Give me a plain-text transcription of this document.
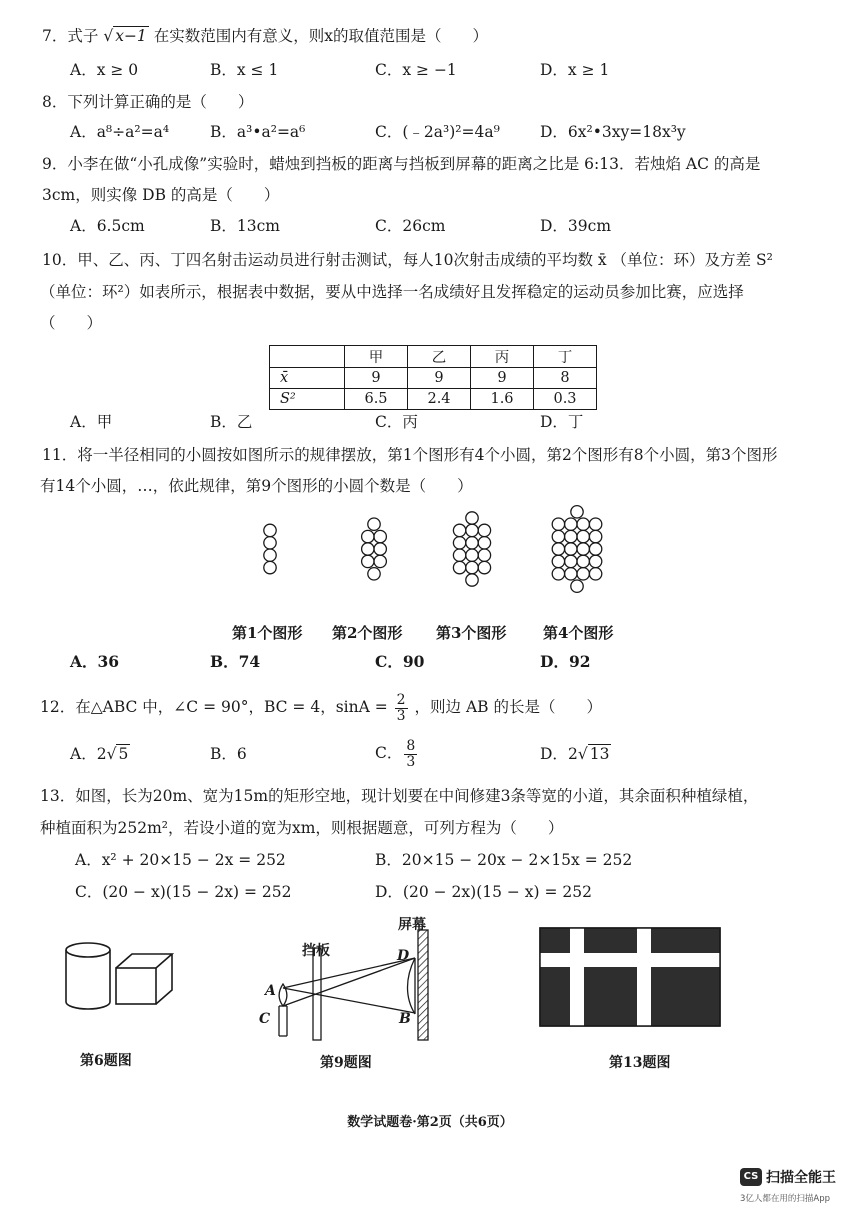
7．式子 √ x−1 在实数范围内有意义，则x的取值范围是（　　）
A．x ≥ 0	B．x ≤ 1	C．x ≥ −1	D．x ≥ 1
8．下列计算正确的是（　　）
A．a⁸÷a²=a⁴	B．a³•a²=a⁶	C．(﹣2a³)²=4a⁹	D．6x²•3xy=18x³y
9．小李在做“小孔成像”实验时，蜡烛到挡板的距离与挡板到屏幕的距离之比是 6:13．若烛焰 AC 的高是
3cm，则实像 DB 的高是（　　）
A．6.5cm	B．13cm	C．26cm	D．39cm
10．甲、乙、丙、丁四名射击运动员进行射击测试，每人10次射击成绩的平均数 x̄ （单位：环）及方差 S²
（单位：环²）如表所示，根据表中数据，要从中选择一名成绩好且发挥稳定的运动员参加比赛，应选择
（　　）
	甲	乙	丙	丁
x̄	9	9	9	8
S²	6.5	2.4	1.6	0.3
A．甲	B．乙	C．丙	D．丁
11．将一半径相同的小圆按如图所示的规律摆放，第1个图形有4个小圆，第2个图形有8个小圆，第3个图形
有14个小圆，…，依此规律，第9个图形的小圆个数是（　　）
第1个图形 第2个图形 第3个图形 第4个图形
A．36	B．74	C．90	D．92
12．在△ABC 中，∠C = 90°，BC = 4，$\sin A = \frac{2}{3}$ ，则边 AB 的长是（　　）
A．2√ 5	B．6	C． $\frac{8}{3}$	D．2√ 13
13．如图，长为20m、宽为15m的矩形空地，现计划要在中间修建3条等宽的小道，其余面积种植绿植，
种植面积为252m²，若设小道的宽为xm，则根据题意，可列方程为（　　）
A．x² + 20×15 − 2x = 252	B．20×15 − 20x − 2×15x = 252
C．(20 − x)(15 − 2x) = 252	D．(20 − 2x)(15 − x) = 252
第6题图
挡板
屏幕
A
C
D
B
第9题图	第13题图
数学试题卷·第2页（共6页）
CS 扫描全能王
3亿人都在用的扫描App
